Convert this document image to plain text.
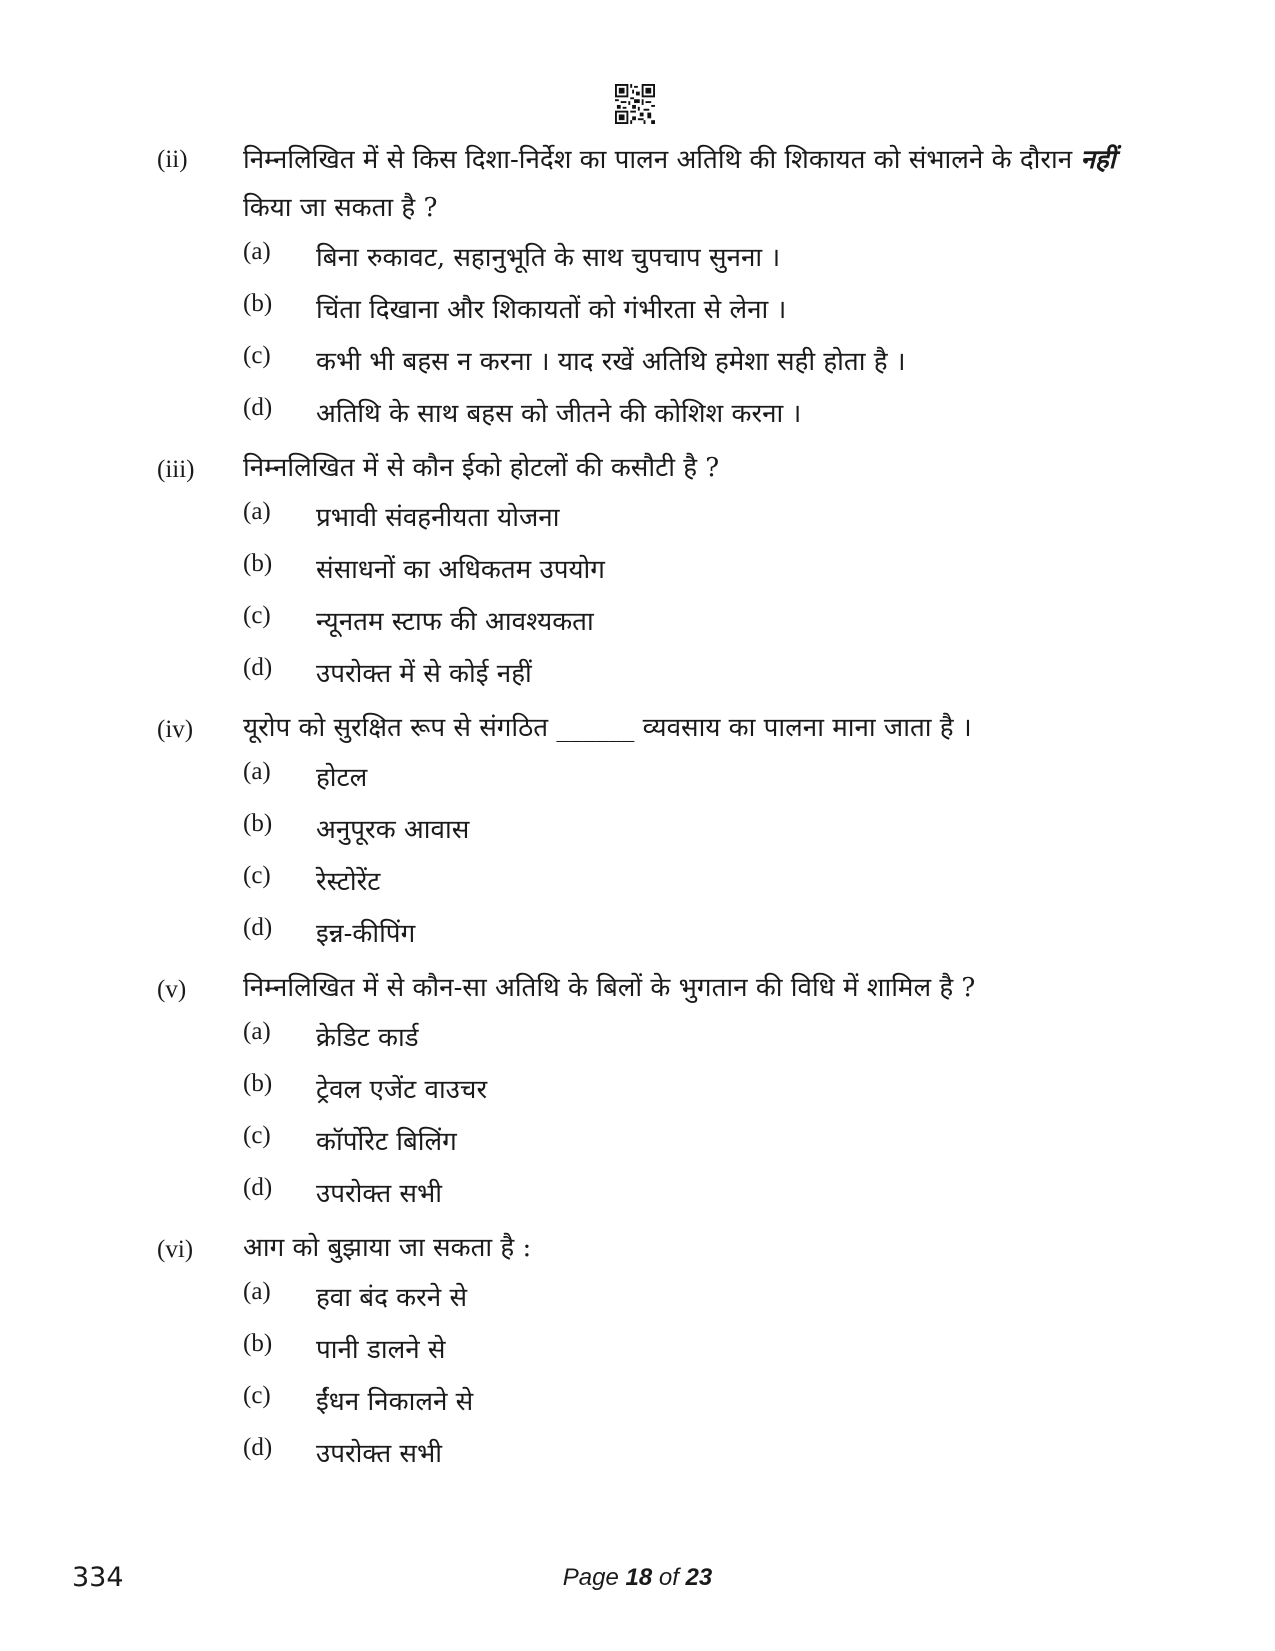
(ii) निम्नलिखित में से किस दिशा-निर्देश का पालन अतिथि की शिकायत को संभालने के दौरान नहीं किया जा सकता है ?
(a)	बिना रुकावट, सहानुभूति के साथ चुपचाप सुनना ।
(b)	चिंता दिखाना और शिकायतों को गंभीरता से लेना ।
(c)	कभी भी बहस न करना । याद रखें अतिथि हमेशा सही होता है ।
(d)	अतिथि के साथ बहस को जीतने की कोशिश करना ।
(iii) निम्नलिखित में से कौन ईको होटलों की कसौटी है ?
(a)	प्रभावी संवहनीयता योजना
(b)	संसाधनों का अधिकतम उपयोग
(c)	न्यूनतम स्टाफ की आवश्यकता
(d)	उपरोक्त में से कोई नहीं
(iv) यूरोप को सुरक्षित रूप से संगठित ______ व्यवसाय का पालना माना जाता है ।
(a)	होटल
(b)	अनुपूरक आवास
(c)	रेस्टोरेंट
(d)	इन्न-कीपिंग
(v) निम्नलिखित में से कौन-सा अतिथि के बिलों के भुगतान की विधि में शामिल है ?
(a)	क्रेडिट कार्ड
(b)	ट्रेवल एजेंट वाउचर
(c)	कॉर्पोरेट बिलिंग
(d)	उपरोक्त सभी
(vi) आग को बुझाया जा सकता है :
(a)	हवा बंद करने से
(b)	पानी डालने से
(c)	ईंधन निकालने से
(d)	उपरोक्त सभी
334	Page 18 of 23
